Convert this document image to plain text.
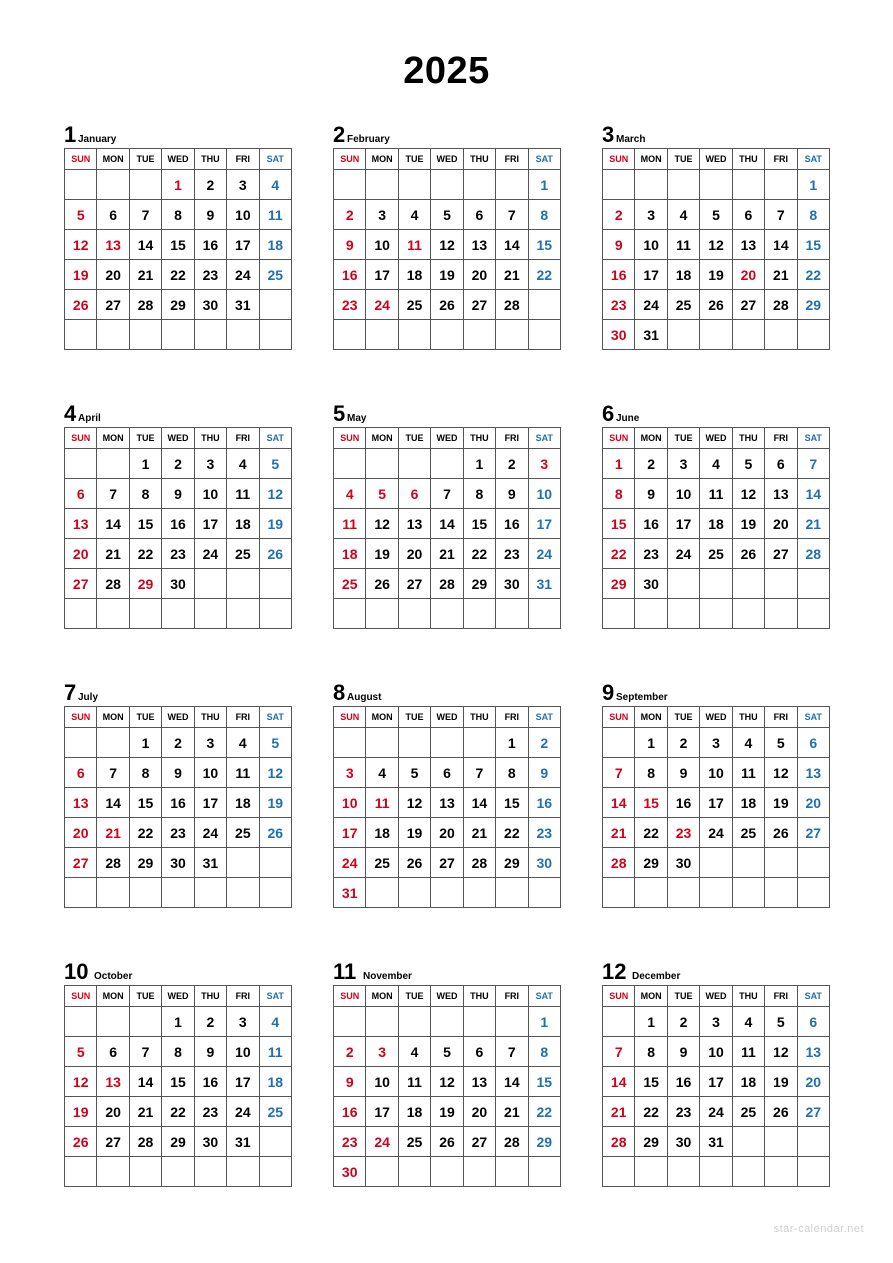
2025
1 January
SUN	MON	TUE	WED	THU	FRI	SAT
			1	2	3	4
5	6	7	8	9	10	11
12	13	14	15	16	17	18
19	20	21	22	23	24	25
26	27	28	29	30	31	

2 February
SUN	MON	TUE	WED	THU	FRI	SAT
						1
2	3	4	5	6	7	8
9	10	11	12	13	14	15
16	17	18	19	20	21	22
23	24	25	26	27	28	

3 March
SUN	MON	TUE	WED	THU	FRI	SAT
						1
2	3	4	5	6	7	8
9	10	11	12	13	14	15
16	17	18	19	20	21	22
23	24	25	26	27	28	29
30	31					
4 April
SUN	MON	TUE	WED	THU	FRI	SAT
		1	2	3	4	5
6	7	8	9	10	11	12
13	14	15	16	17	18	19
20	21	22	23	24	25	26
27	28	29	30			

5 May
SUN	MON	TUE	WED	THU	FRI	SAT
				1	2	3
4	5	6	7	8	9	10
11	12	13	14	15	16	17
18	19	20	21	22	23	24
25	26	27	28	29	30	31

6 June
SUN	MON	TUE	WED	THU	FRI	SAT
1	2	3	4	5	6	7
8	9	10	11	12	13	14
15	16	17	18	19	20	21
22	23	24	25	26	27	28
29	30					

7 July
SUN	MON	TUE	WED	THU	FRI	SAT
		1	2	3	4	5
6	7	8	9	10	11	12
13	14	15	16	17	18	19
20	21	22	23	24	25	26
27	28	29	30	31		

8 August
SUN	MON	TUE	WED	THU	FRI	SAT
					1	2
3	4	5	6	7	8	9
10	11	12	13	14	15	16
17	18	19	20	21	22	23
24	25	26	27	28	29	30
31						
9 September
SUN	MON	TUE	WED	THU	FRI	SAT
	1	2	3	4	5	6
7	8	9	10	11	12	13
14	15	16	17	18	19	20
21	22	23	24	25	26	27
28	29	30				

10 October
SUN	MON	TUE	WED	THU	FRI	SAT
			1	2	3	4
5	6	7	8	9	10	11
12	13	14	15	16	17	18
19	20	21	22	23	24	25
26	27	28	29	30	31	

11 November
SUN	MON	TUE	WED	THU	FRI	SAT
						1
2	3	4	5	6	7	8
9	10	11	12	13	14	15
16	17	18	19	20	21	22
23	24	25	26	27	28	29
30						
12 December
SUN	MON	TUE	WED	THU	FRI	SAT
	1	2	3	4	5	6
7	8	9	10	11	12	13
14	15	16	17	18	19	20
21	22	23	24	25	26	27
28	29	30	31			

star-calendar.net
